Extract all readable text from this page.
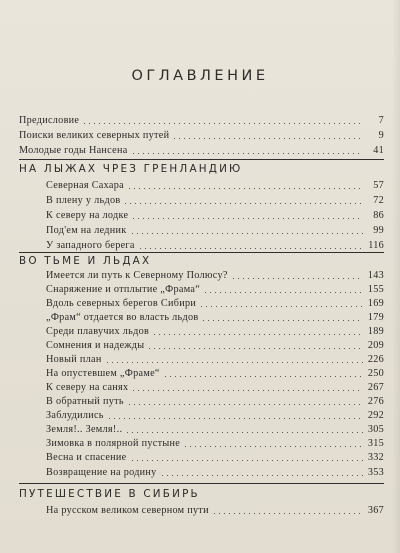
ОГЛАВЛЕНИЕ
Предисловие	7
Поиски великих северных путей	9
Молодые годы Нансена	41
НА ЛЫЖАХ ЧРЕЗ ГРЕНЛАНДИЮ
Северная Сахара	57
В плену у льдов	72
К северу на лодке	86
Под'ем на ледник	99
У западного берега	116
ВО ТЬМЕ И ЛЬДАХ
Имеется ли путь к Северному Полюсу?	143
Снаряжение и отплытие „Фрама“	155
Вдоль северных берегов Сибири	169
„Фрам“ отдается во власть льдов	179
Среди плавучих льдов	189
Сомнения и надежды	209
Новый план	226
На опустевшем „Фраме“	250
К северу на санях	267
В обратный путь	276
Заблудились	292
Земля!.. Земля!..	305
Зимовка в полярной пустыне	315
Весна и спасение	332
Возвращение на родину	353
ПУТЕШЕСТВИЕ В СИБИРЬ
На русском великом северном пути	367
